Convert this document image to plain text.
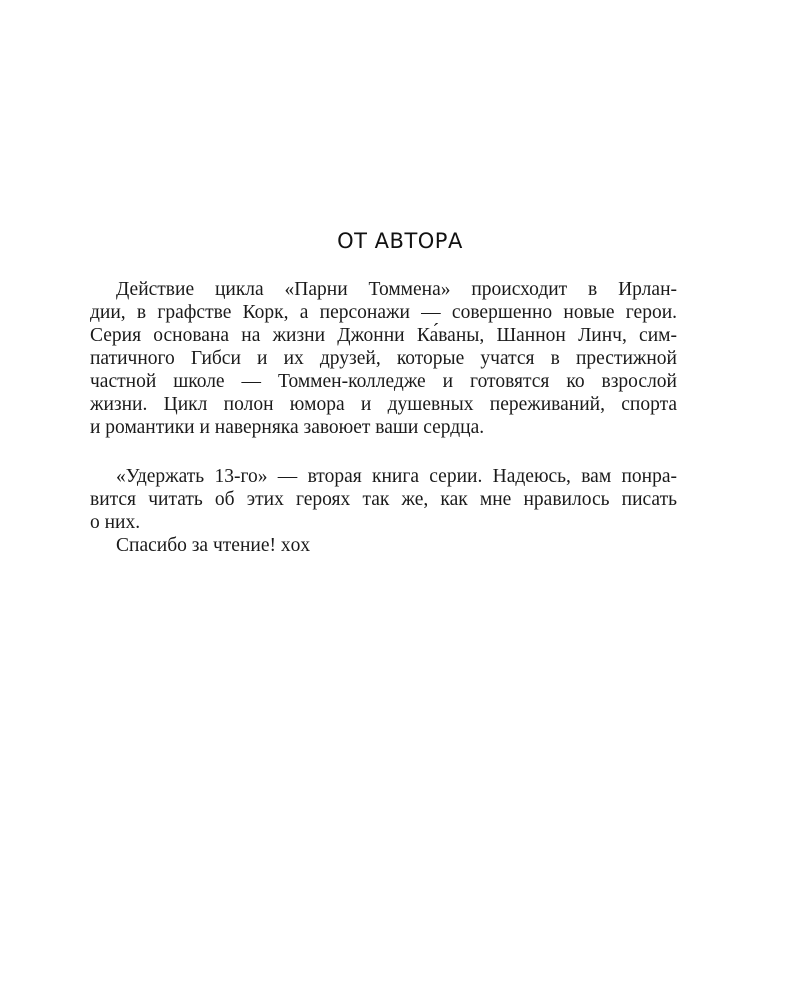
ОТ АВТОРА
Действие цикла «Парни Томмена» происходит в Ирлан-
дии, в графстве Корк, а персонажи — совершенно новые герои.
Серия основана на жизни Джонни Ка́ваны, Шаннон Линч, сим-
патичного Гибси и их друзей, которые учатся в престижной
частной школе — Томмен-колледже и готовятся ко взрослой
жизни. Цикл полон юмора и душевных переживаний, спорта
и романтики и наверняка завоюет ваши сердца.
«Удержать 13-го» — вторая книга серии. Надеюсь, вам понра-
вится читать об этих героях так же, как мне нравилось писать
о них.
Спасибо за чтение! xox
